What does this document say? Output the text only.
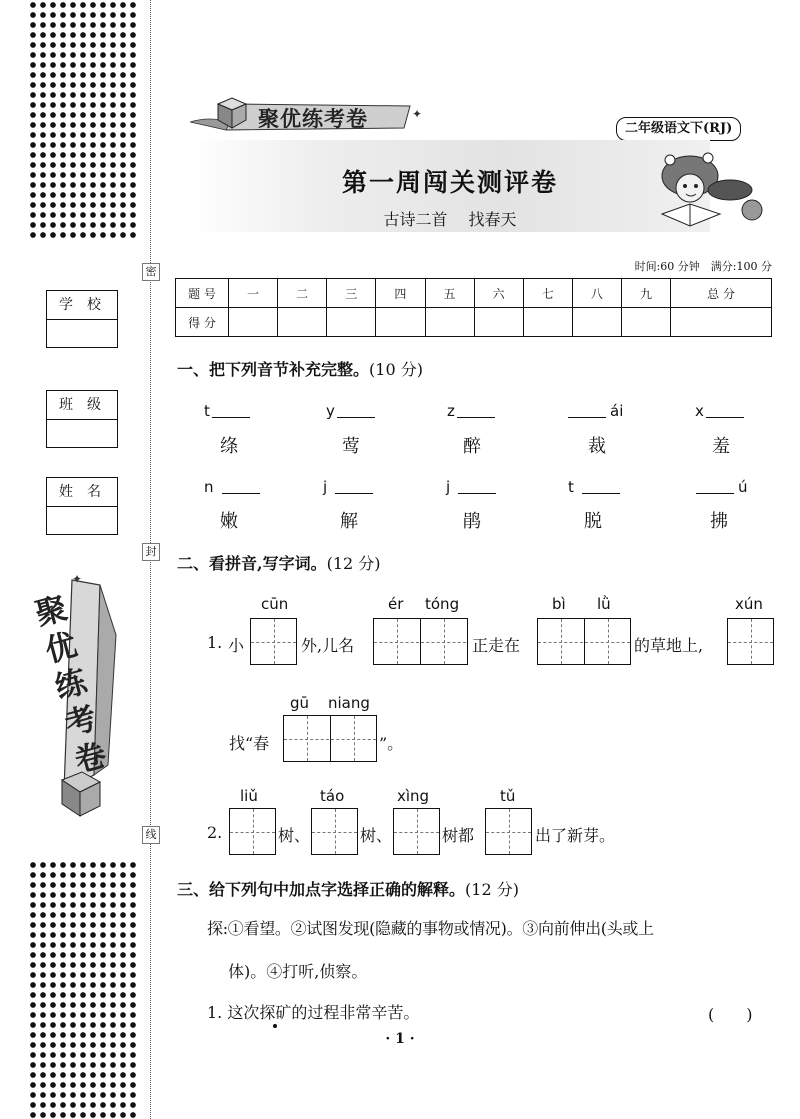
密
封
线
学校
班级
姓名
✦
聚
优
练
考
卷
✦
聚优练考卷	二年级语文下(RJ)
第一周闯关测评卷
古诗二首 找春天
时间:60 分钟　满分:100 分
题 号	一	二	三	四	五	六	七	八	九	总 分
得 分										
一、把下列音节补充完整。(10 分)
t	y	z	ái	x
绦	莺	醉	裁	羞
n	j	j	t	ú
嫩	解	鹃	脱	拂
二、看拼音,写字词。(12 分)
cūn	ér tóng	bì lǜ	xún
1. 小	外,儿名	正走在	的草地上,
gū niang
找“春	”。
liǔ	táo	xìng	tǔ
2.	树、	树、	树都	出了新芽。
三、给下列句中加点字选择正确的解释。(12 分)
探:①看望。②试图发现(隐藏的事物或情况)。③向前伸出(头或上
体)。④打听,侦察。
1. 这次探矿的过程非常辛苦。	(　　)
· 1 ·
